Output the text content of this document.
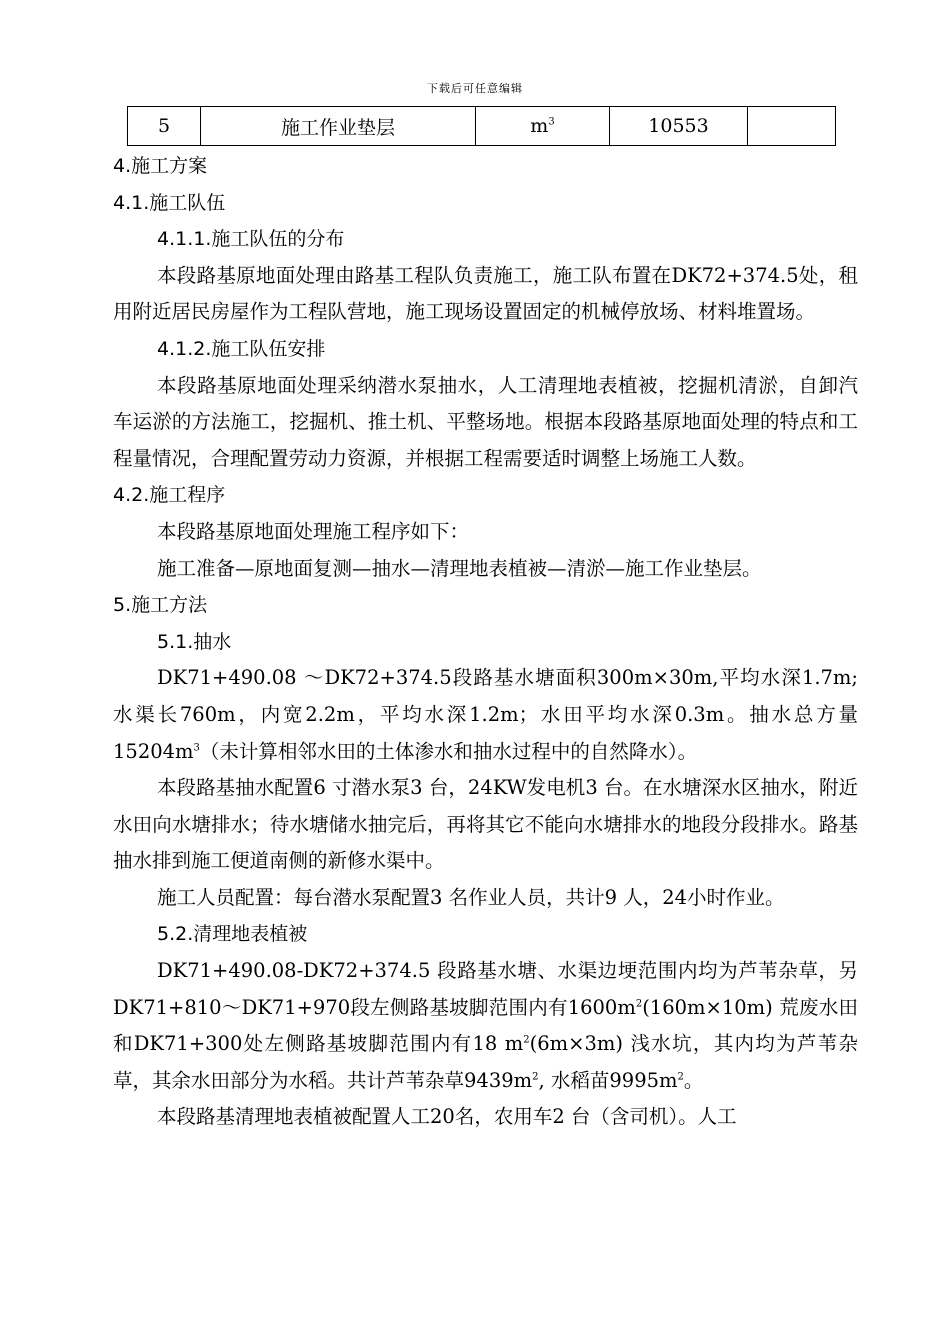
下载后可任意编辑
5	施工作业垫层	$m^3$	10553	

4.施工方案

4.1.施工队伍

4.1.1.施工队伍的分布

本段路基原地面处理由路基工程队负责施工，施工队布置在DK72+374.5处，租用附近居民房屋作为工程队营地，施工现场设置固定的机械停放场、材料堆置场。

4.1.2.施工队伍安排

本段路基原地面处理采纳潜水泵抽水，人工清理地表植被，挖掘机清淤，自卸汽车运淤的方法施工，挖掘机、推土机、平整场地。根据本段路基原地面处理的特点和工程量情况，合理配置劳动力资源，并根据工程需要适时调整上场施工人数。

4.2.施工程序

本段路基原地面处理施工程序如下：

施工准备—原地面复测—抽水—清理地表植被—清淤—施工作业垫层。

5.施工方法

5.1.抽水

DK71+490.08 ～DK72+374.5段路基水塘面积300m×30m,平均水深1.7m;水渠长760m，内宽2.2m，平均水深1.2m；水田平均水深0.3m。抽水总方量$15204m^3$（未计算相邻水田的土体渗水和抽水过程中的自然降水）。

本段路基抽水配置6 寸潜水泵3 台，24KW发电机3 台。在水塘深水区抽水，附近水田向水塘排水；待水塘储水抽完后，再将其它不能向水塘排水的地段分段排水。路基抽水排到施工便道南侧的新修水渠中。

施工人员配置：每台潜水泵配置3 名作业人员，共计9 人，24小时作业。

5.2.清理地表植被

DK71+490.08-DK72+374.5 段路基水塘、水渠边埂范围内均为芦苇杂草，另DK71+810～DK71+970段左侧路基坡脚范围内有$1600m^2(160m\times 10m)$ 荒废水田和DK71+300处左侧路基坡脚范围内有18 $m^2(6m\times 3m)$ 浅水坑，其内均为芦苇杂草，其余水田部分为水稻。共计芦苇杂草$9439m^2$, 水稻苗$9995m^2$。

本段路基清理地表植被配置人工20名，农用车2 台（含司机）。人工
